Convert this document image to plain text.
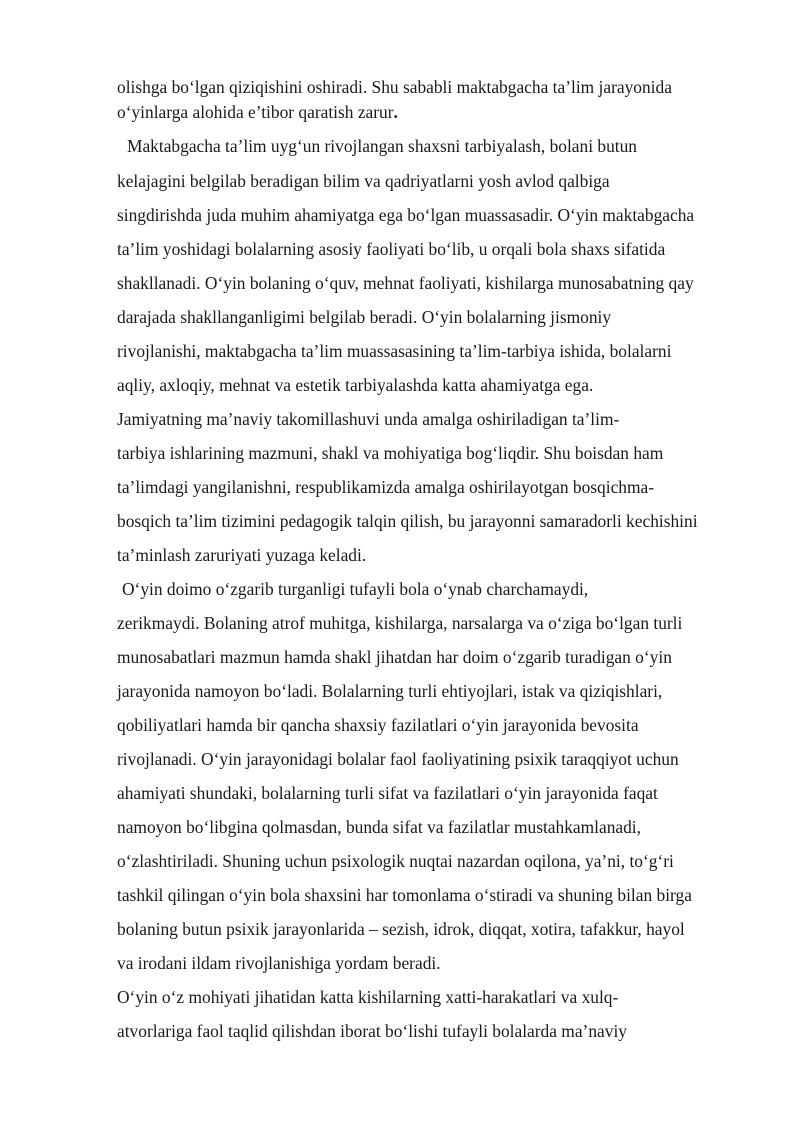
olishga bo‘lgan qiziqishini oshiradi. Shu sababli maktabgacha ta’lim jarayonida
o‘yinlarga alohida e’tibor qaratish zarur.
Maktabgacha ta’lim uyg‘un rivojlangan shaxsni tarbiyalash, bolani butun
kelajagini belgilab beradigan bilim va qadriyatlarni yosh avlod qalbiga
singdirishda juda muhim ahamiyatga ega bo‘lgan muassasadir. O‘yin maktabgacha
ta’lim yoshidagi bolalarning asosiy faoliyati bo‘lib, u orqali bola shaxs sifatida
shakllanadi. O‘yin bolaning o‘quv, mehnat faoliyati, kishilarga munosabatning qay
darajada shakllanganligimi belgilab beradi. O‘yin bolalarning jismoniy
rivojlanishi, maktabgacha ta’lim muassasasining ta’lim-tarbiya ishida, bolalarni
aqliy, axloqiy, mehnat va estetik tarbiyalashda katta ahamiyatga ega.
Jamiyatning ma’naviy takomillashuvi unda amalga oshiriladigan ta’lim-
tarbiya ishlarining mazmuni, shakl va mohiyatiga bog‘liqdir. Shu boisdan ham
ta’limdagi yangilanishni, respublikamizda amalga oshirilayotgan bosqichma-
bosqich ta’lim tizimini pedagogik talqin qilish, bu jarayonni samaradorli kechishini
ta’minlash zaruriyati yuzaga keladi.
O‘yin doimo o‘zgarib turganligi tufayli bola o‘ynab charchamaydi,
zerikmaydi. Bolaning atrof muhitga, kishilarga, narsalarga va o‘ziga bo‘lgan turli
munosabatlari mazmun hamda shakl jihatdan har doim o‘zgarib turadigan o‘yin
jarayonida namoyon bo‘ladi. Bolalarning turli ehtiyojlari, istak va qiziqishlari,
qobiliyatlari hamda bir qancha shaxsiy fazilatlari o‘yin jarayonida bevosita
rivojlanadi. O‘yin jarayonidagi bolalar faol faoliyatining psixik taraqqiyot uchun
ahamiyati shundaki, bolalarning turli sifat va fazilatlari o‘yin jarayonida faqat
namoyon bo‘libgina qolmasdan, bunda sifat va fazilatlar mustahkamlanadi,
o‘zlashtiriladi. Shuning uchun psixologik nuqtai nazardan oqilona, ya’ni, to‘g‘ri
tashkil qilingan o‘yin bola shaxsini har tomonlama o‘stiradi va shuning bilan birga
bolaning butun psixik jarayonlarida – sezish, idrok, diqqat, xotira, tafakkur, hayol
va irodani ildam rivojlanishiga yordam beradi.
O‘yin o‘z mohiyati jihatidan katta kishilarning xatti-harakatlari va xulq-
atvorlariga faol taqlid qilishdan iborat bo‘lishi tufayli bolalarda ma’naviy
